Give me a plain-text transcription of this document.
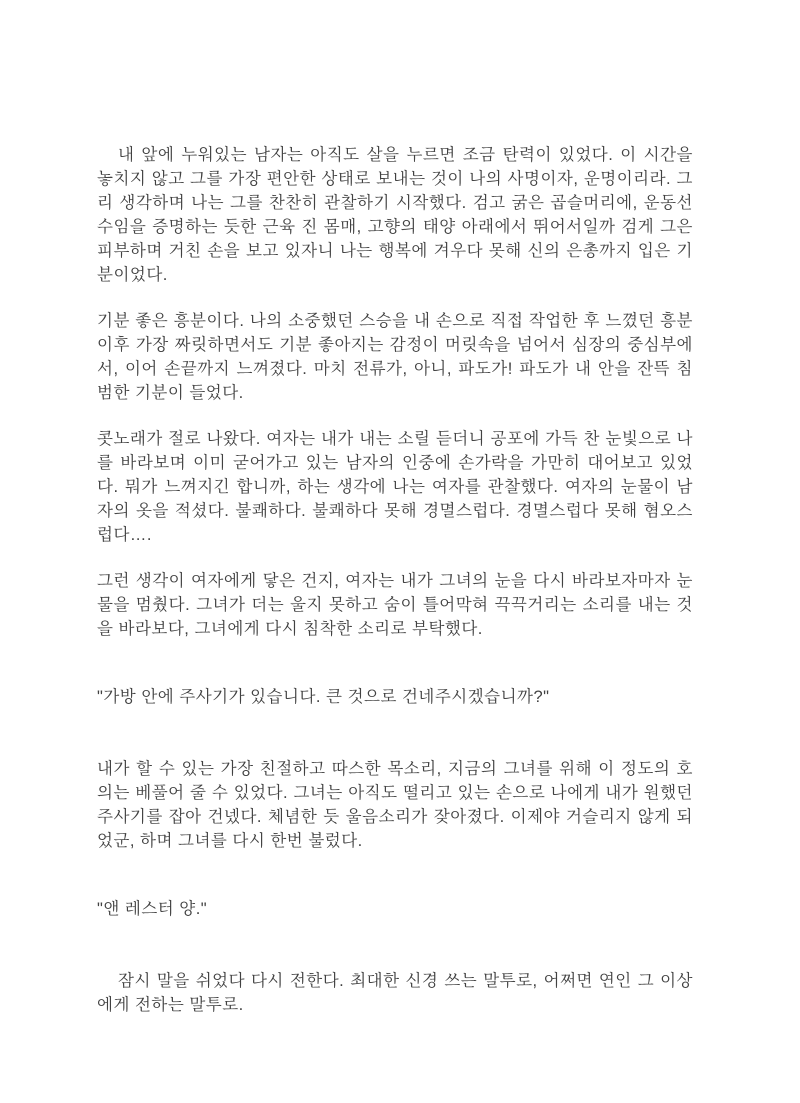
내 앞에 누워있는 남자는 아직도 살을 누르면 조금 탄력이 있었다. 이 시간을 놓치지 않고 그를 가장 편안한 상태로 보내는 것이 나의 사명이자, 운명이리라. 그리 생각하며 나는 그를 찬찬히 관찰하기 시작했다. 검고 굵은 곱슬머리에, 운동선수임을 증명하는 듯한 근육 진 몸매, 고향의 태양 아래에서 뛰어서일까 검게 그은 피부하며 거친 손을 보고 있자니 나는 행복에 겨우다 못해 신의 은총까지 입은 기분이었다.

기분 좋은 흥분이다. 나의 소중했던 스승을 내 손으로 직접 작업한 후 느꼈던 흥분 이후 가장 짜릿하면서도 기분 좋아지는 감정이 머릿속을 넘어서 심장의 중심부에서, 이어 손끝까지 느껴졌다. 마치 전류가, 아니, 파도가! 파도가 내 안을 잔뜩 침범한 기분이 들었다.

콧노래가 절로 나왔다. 여자는 내가 내는 소릴 듣더니 공포에 가득 찬 눈빛으로 나를 바라보며 이미 굳어가고 있는 남자의 인중에 손가락을 가만히 대어보고 있었다. 뭐가 느껴지긴 합니까, 하는 생각에 나는 여자를 관찰했다. 여자의 눈물이 남자의 옷을 적셨다. 불쾌하다. 불쾌하다 못해 경멸스럽다. 경멸스럽다 못해 혐오스럽다….

그런 생각이 여자에게 닿은 건지, 여자는 내가 그녀의 눈을 다시 바라보자마자 눈물을 멈췄다. 그녀가 더는 울지 못하고 숨이 틀어막혀 끅끅거리는 소리를 내는 것을 바라보다, 그녀에게 다시 침착한 소리로 부탁했다.

"가방 안에 주사기가 있습니다. 큰 것으로 건네주시겠습니까?"

내가 할 수 있는 가장 친절하고 따스한 목소리, 지금의 그녀를 위해 이 정도의 호의는 베풀어 줄 수 있었다. 그녀는 아직도 떨리고 있는 손으로 나에게 내가 원했던 주사기를 잡아 건넸다. 체념한 듯 울음소리가 잦아졌다. 이제야 거슬리지 않게 되었군, 하며 그녀를 다시 한번 불렀다.

"앤 레스터 양."

잠시 말을 쉬었다 다시 전한다. 최대한 신경 쓰는 말투로, 어쩌면 연인 그 이상에게 전하는 말투로.
